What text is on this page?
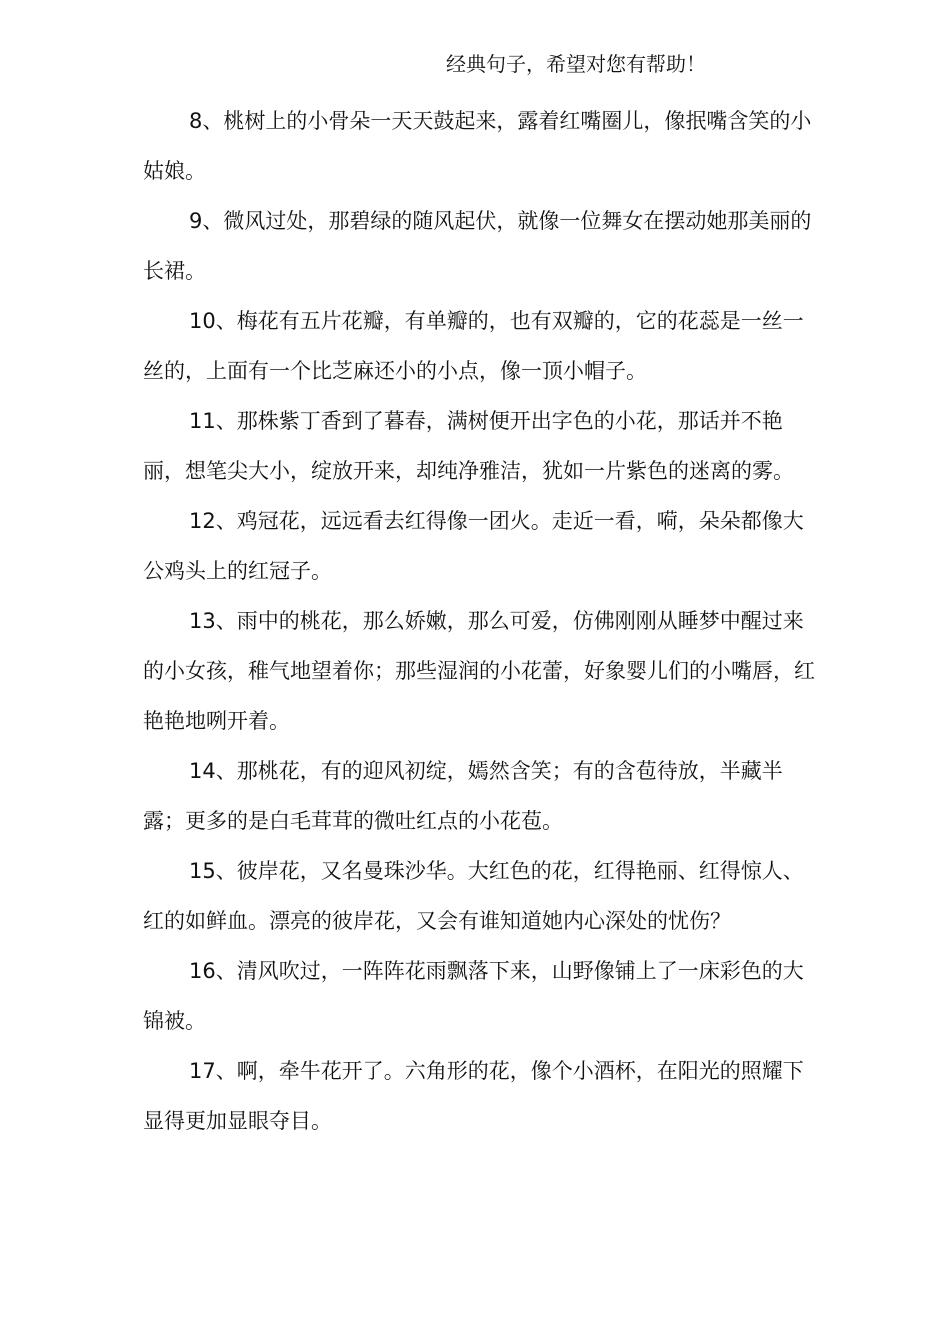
经典句子，希望对您有帮助！

8、桃树上的小骨朵一天天鼓起来，露着红嘴圈儿，像抿嘴含笑的小姑娘。

9、微风过处，那碧绿的随风起伏，就像一位舞女在摆动她那美丽的长裙。

10、梅花有五片花瓣，有单瓣的，也有双瓣的，它的花蕊是一丝一丝的，上面有一个比芝麻还小的小点，像一顶小帽子。

11、那株紫丁香到了暮春，满树便开出字色的小花，那话并不艳丽，想笔尖大小，绽放开来，却纯净雅洁，犹如一片紫色的迷离的雾。

12、鸡冠花，远远看去红得像一团火。走近一看，嗬，朵朵都像大公鸡头上的红冠子。

13、雨中的桃花，那么娇嫩，那么可爱，仿佛刚刚从睡梦中醒过来的小女孩，稚气地望着你；那些湿润的小花蕾，好象婴儿们的小嘴唇，红艳艳地咧开着。

14、那桃花，有的迎风初绽，嫣然含笑；有的含苞待放，半藏半露；更多的是白毛茸茸的微吐红点的小花苞。

15、彼岸花，又名曼珠沙华。大红色的花，红得艳丽、红得惊人、红的如鲜血。漂亮的彼岸花，又会有谁知道她内心深处的忧伤？

16、清风吹过，一阵阵花雨飘落下来，山野像铺上了一床彩色的大锦被。

17、啊，牵牛花开了。六角形的花，像个小酒杯，在阳光的照耀下显得更加显眼夺目。
